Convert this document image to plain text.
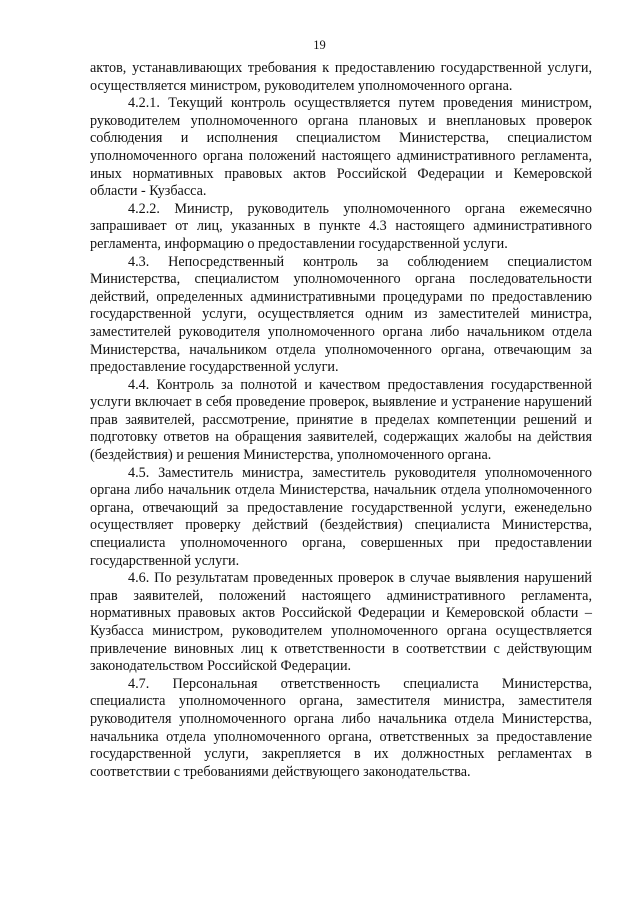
19

актов, устанавливающих требования к предоставлению государственной услуги, осуществляется министром, руководителем уполномоченного органа.

4.2.1. Текущий контроль осуществляется путем проведения министром, руководителем уполномоченного органа плановых и внеплановых проверок соблюдения и исполнения специалистом Министерства, специалистом уполномоченного органа положений настоящего административного регламента, иных нормативных правовых актов Российской Федерации и Кемеровской области - Кузбасса.

4.2.2. Министр, руководитель уполномоченного органа ежемесячно запрашивает от лиц, указанных в пункте 4.3 настоящего административного регламента, информацию о предоставлении государственной услуги.

4.3. Непосредственный контроль за соблюдением специалистом Министерства, специалистом уполномоченного органа последовательности действий, определенных административными процедурами по предоставлению государственной услуги, осуществляется одним из заместителей министра, заместителей руководителя уполномоченного органа либо начальником отдела Министерства, начальником отдела уполномоченного органа, отвечающим за предоставление государственной услуги.

4.4. Контроль за полнотой и качеством предоставления государственной услуги включает в себя проведение проверок, выявление и устранение нарушений прав заявителей, рассмотрение, принятие в пределах компетенции решений и подготовку ответов на обращения заявителей, содержащих жалобы на действия (бездействия) и решения Министерства, уполномоченного органа.

4.5. Заместитель министра, заместитель руководителя уполномоченного органа либо начальник отдела Министерства, начальник отдела уполномоченного органа, отвечающий за предоставление государственной услуги, еженедельно осуществляет проверку действий (бездействия) специалиста Министерства, специалиста уполномоченного органа, совершенных при предоставлении государственной услуги.

4.6. По результатам проведенных проверок в случае выявления нарушений прав заявителей, положений настоящего административного регламента, нормативных правовых актов Российской Федерации и Кемеровской области – Кузбасса министром, руководителем уполномоченного органа осуществляется привлечение виновных лиц к ответственности в соответствии с действующим законодательством Российской Федерации.

4.7. Персональная ответственность специалиста Министерства, специалиста уполномоченного органа, заместителя министра, заместителя руководителя уполномоченного органа либо начальника отдела Министерства, начальника отдела уполномоченного органа, ответственных за предоставление государственной услуги, закрепляется в их должностных регламентах в соответствии с требованиями действующего законодательства.
